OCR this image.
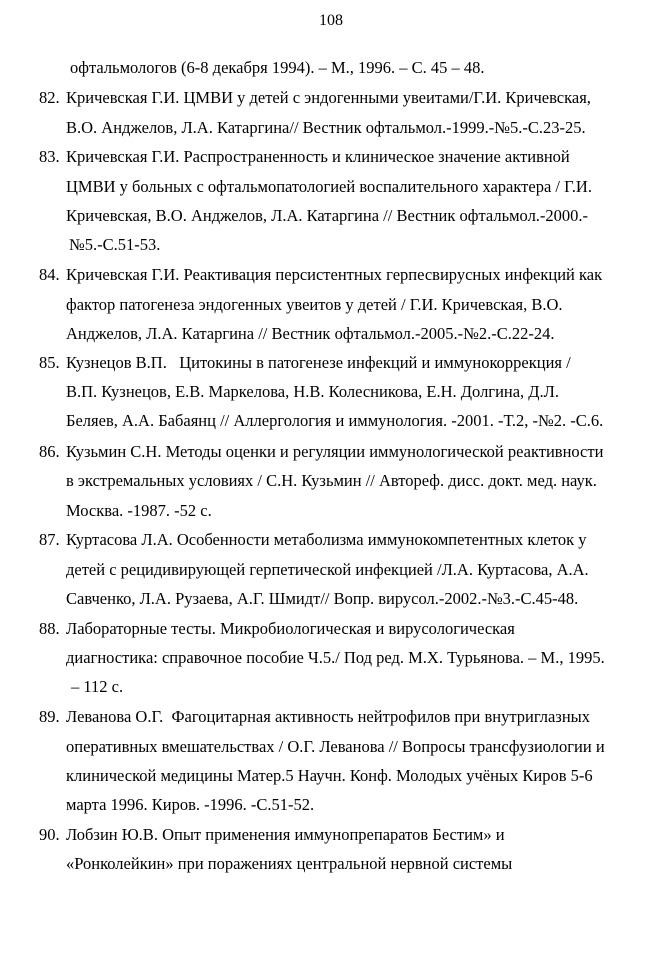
108
офтальмологов (6-8 декабря 1994). – М., 1996. – С. 45 – 48.
82. Кричевская Г.И. ЦМВИ у детей с эндогенными увеитами/Г.И. Кричевская,
В.О. Анджелов, Л.А. Катаргина// Вестник офтальмол.-1999.-№5.-С.23-25.
83. Кричевская Г.И. Распространенность и клиническое значение активной
ЦМВИ у больных с офтальмопатологией воспалительного характера / Г.И.
Кричевская, В.О. Анджелов, Л.А. Катаргина // Вестник офтальмол.-2000.-
№5.-С.51-53.
84. Кричевская Г.И. Реактивация персистентных герпесвирусных инфекций как
фактор патогенеза эндогенных увеитов у детей / Г.И. Кричевская, В.О.
Анджелов, Л.А. Катаргина // Вестник офтальмол.-2005.-№2.-С.22-24.
85. Кузнецов В.П.   Цитокины в патогенезе инфекций и иммунокоррекция /
В.П. Кузнецов, Е.В. Маркелова, Н.В. Колесникова, Е.Н. Долгина, Д.Л.
Беляев, А.А. Бабаянц // Аллергология и иммунология. -2001. -Т.2, -№2. -С.6.
86. Кузьмин С.Н. Методы оценки и регуляции иммунологической реактивности
в экстремальных условиях / С.Н. Кузьмин // Автореф. дисс. докт. мед. наук.
Москва. -1987. -52 с.
87. Куртасова Л.А. Особенности метаболизма иммунокомпетентных клеток у
детей с рецидивирующей герпетической инфекцией /Л.А. Куртасова, А.А.
Савченко, Л.А. Рузаева, А.Г. Шмидт// Вопр. вирусол.-2002.-№3.-С.45-48.
88. Лабораторные тесты. Микробиологическая и вирусологическая
диагностика: справочное пособие Ч.5./ Под ред. М.Х. Турьянова. – М., 1995.
– 112 с.
89. Леванова О.Г.  Фагоцитарная активность нейтрофилов при внутриглазных
оперативных вмешательствах / О.Г. Леванова // Вопросы трансфузиологии и
клинической медицины Матер.5 Научн. Конф. Молодых учёных Киров 5-6
марта 1996. Киров. -1996. -С.51-52.
90. Лобзин Ю.В. Опыт применения иммунопрепаратов Бестим» и
«Ронколейкин» при поражениях центральной нервной системы
